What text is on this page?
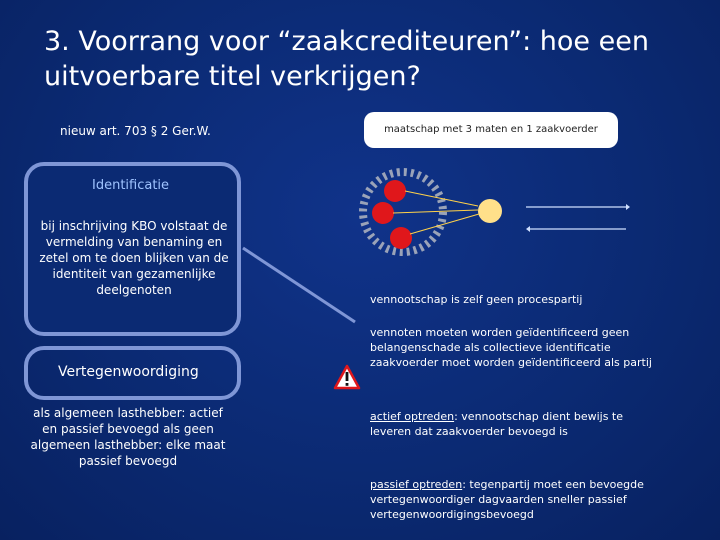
3. Voorrang voor “zaakcrediteuren”: hoe een uitvoerbare titel verkrijgen?
nieuw art. 703 § 2 Ger.W.	maatschap met 3 maten en 1 zaakvoerder
Identificatie
bij inschrijving KBO volstaat de vermelding van benaming en zetel om te doen blijken van de identiteit van gezamenlijke deelgenoten
Vertegenwoordiging
als algemeen lasthebber: actief en passief bevoegd als geen algemeen lasthebber: elke maat passief bevoegd
vennootschap is zelf geen procespartij
vennoten moeten worden geïdentificeerd geen belangenschade als collectieve identificatie zaakvoerder moet worden geïdentificeerd als partij
actief optreden: vennootschap dient bewijs te leveren dat zaakvoerder bevoegd is
passief optreden: tegenpartij moet een bevoegde vertegenwoordiger dagvaarden sneller passief vertegenwoordigingsbevoegd
